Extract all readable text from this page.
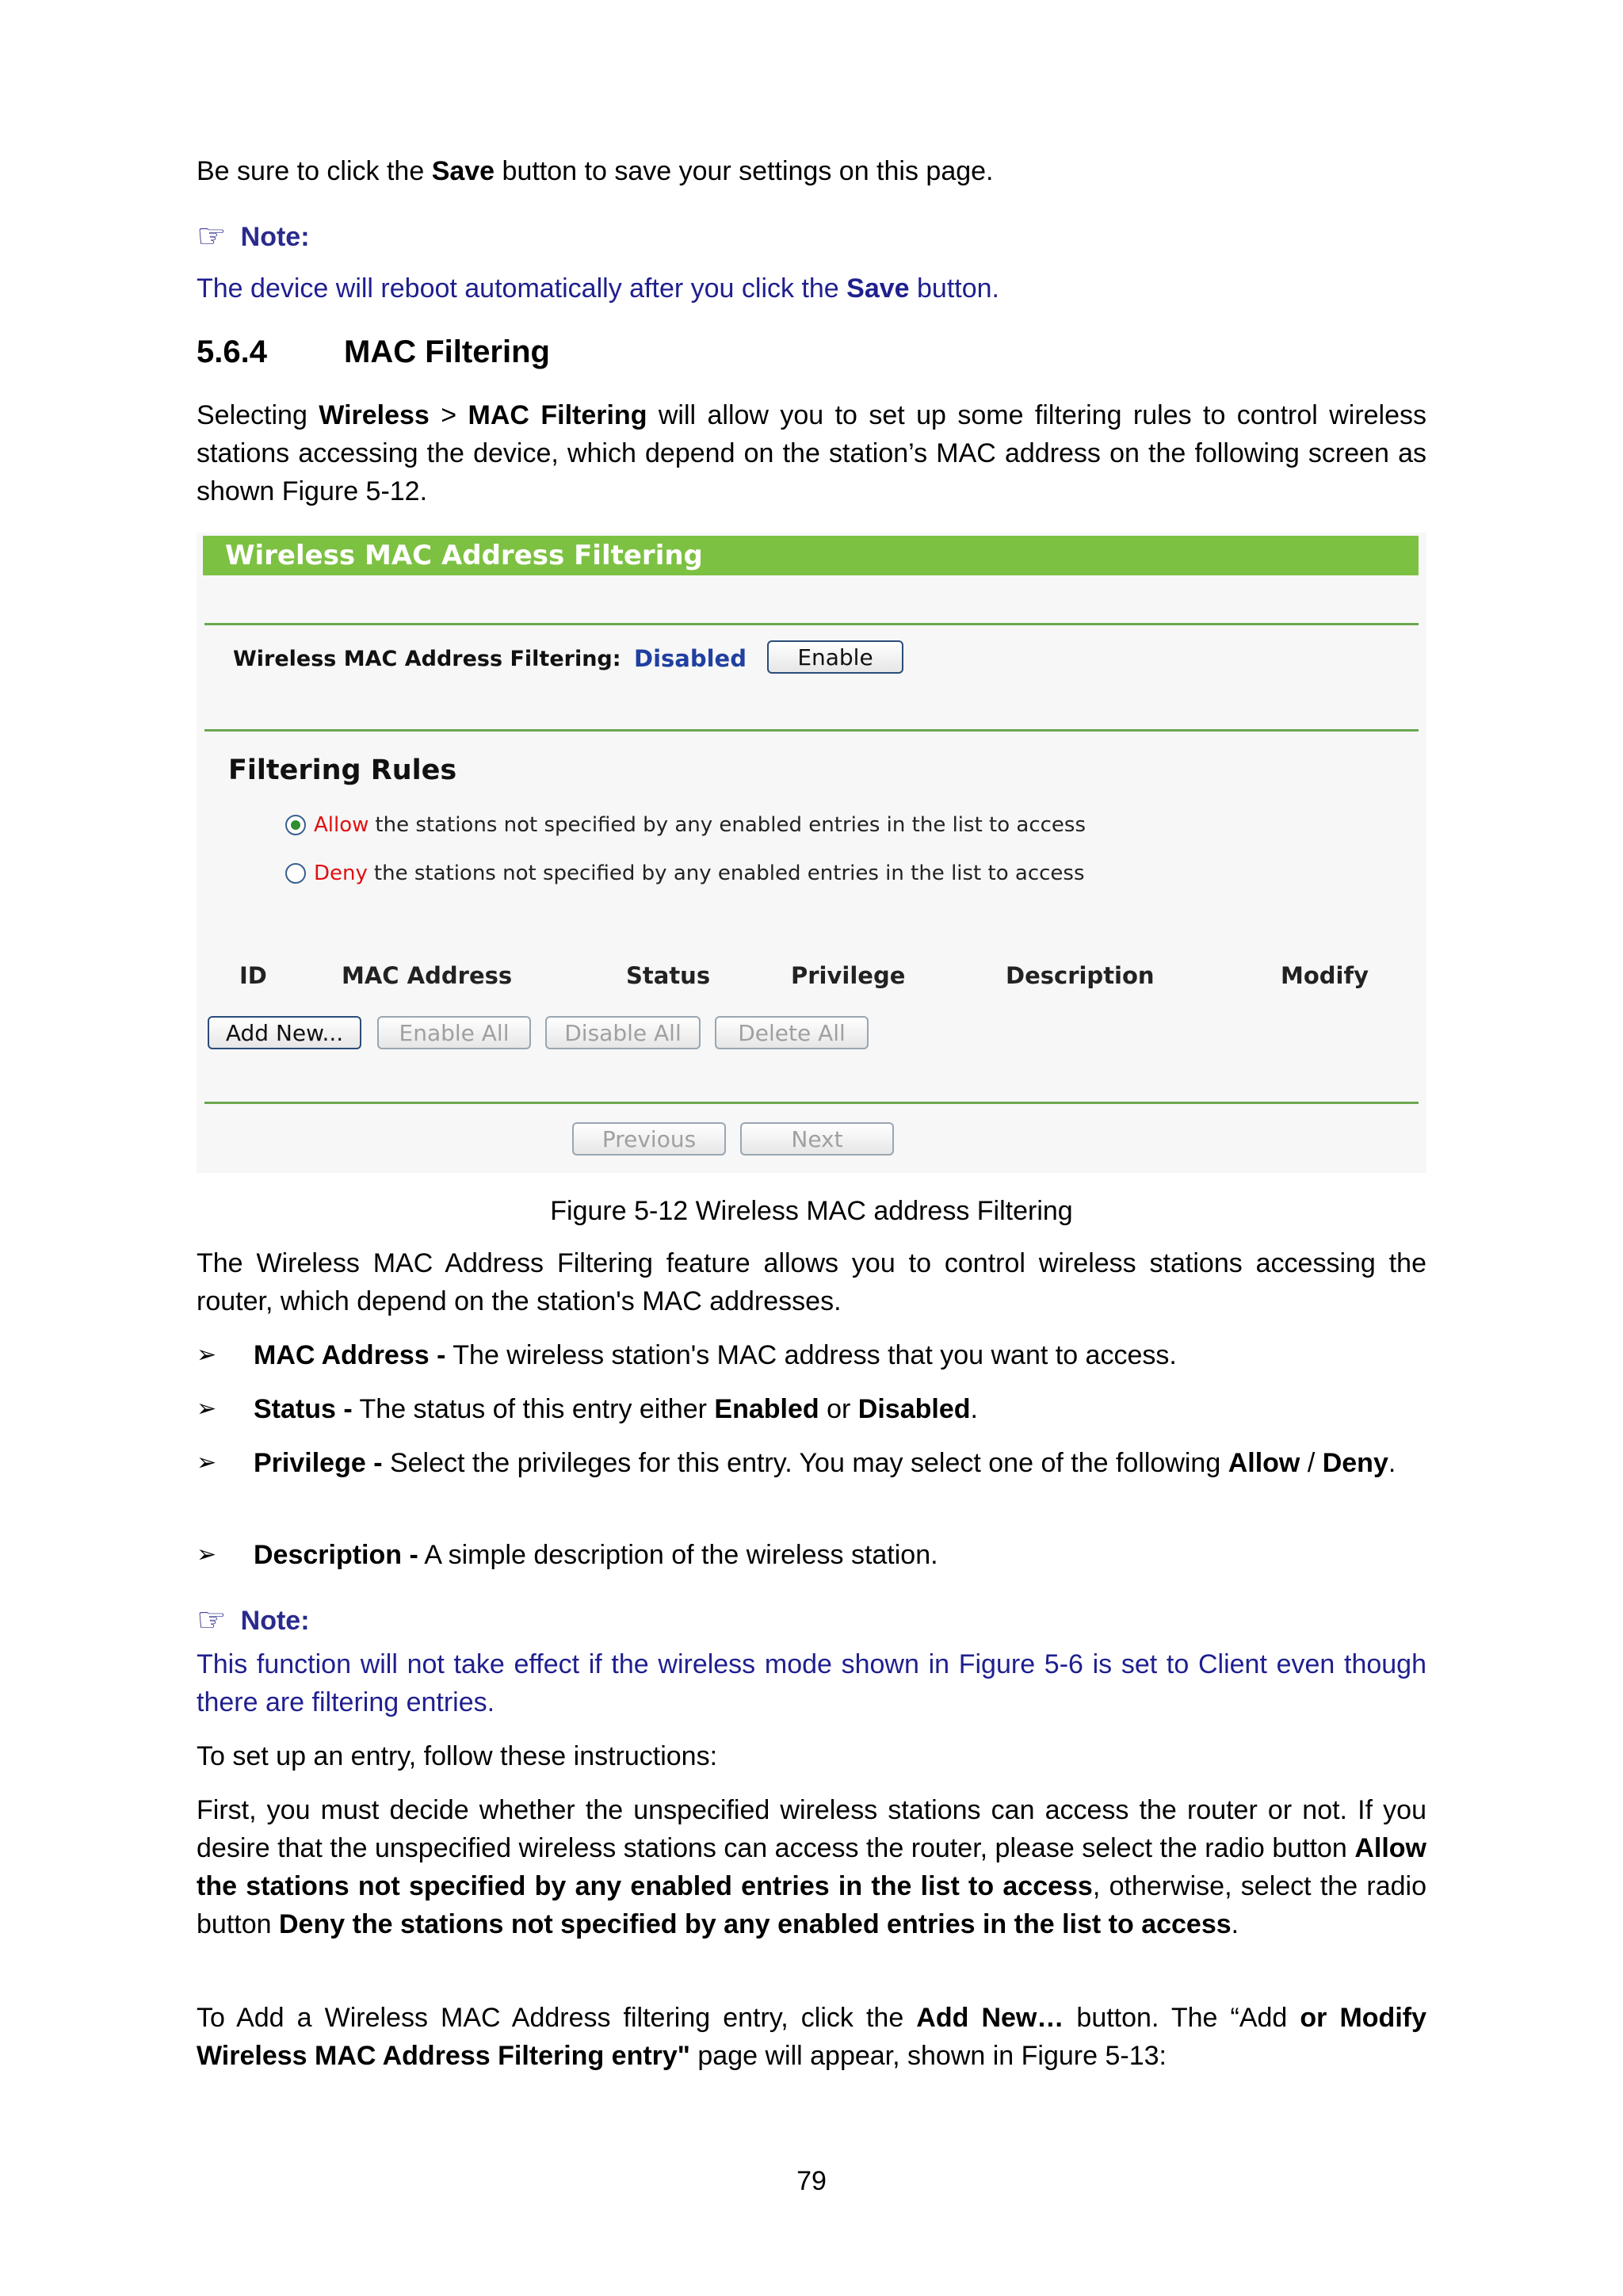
Be sure to click the Save button to save your settings on this page.

☞ Note:

The device will reboot automatically after you click the Save button.

5.6.4 MAC Filtering

Selecting Wireless > MAC Filtering will allow you to set up some filtering rules to control wireless stations accessing the device, which depend on the station’s MAC address on the following screen as shown Figure 5-12.

Wireless MAC Address Filtering
Wireless MAC Address Filtering: Disabled	Enable
Filtering Rules
Allow the stations not specified by any enabled entries in the list to access
Deny the stations not specified by any enabled entries in the list to access
ID	MAC Address	Status	Privilege	Description	Modify
Add New...	Enable All	Disable All	Delete All
Previous	Next
Figure 5-12 Wireless MAC address Filtering

The Wireless MAC Address Filtering feature allows you to control wireless stations accessing the router, which depend on the station's MAC addresses.

➢ MAC Address - The wireless station's MAC address that you want to access.
➢ Status - The status of this entry either Enabled or Disabled.
➢ Privilege - Select the privileges for this entry. You may select one of the following Allow / Deny.
➢ Description - A simple description of the wireless station.
☞ Note:

This function will not take effect if the wireless mode shown in Figure 5-6 is set to Client even though there are filtering entries.

To set up an entry, follow these instructions:

First, you must decide whether the unspecified wireless stations can access the router or not. If you desire that the unspecified wireless stations can access the router, please select the radio button Allow the stations not specified by any enabled entries in the list to access, otherwise, select the radio button Deny the stations not specified by any enabled entries in the list to access.

To Add a Wireless MAC Address filtering entry, click the Add New… button. The “Add or Modify Wireless MAC Address Filtering entry" page will appear, shown in Figure 5-13:

79
